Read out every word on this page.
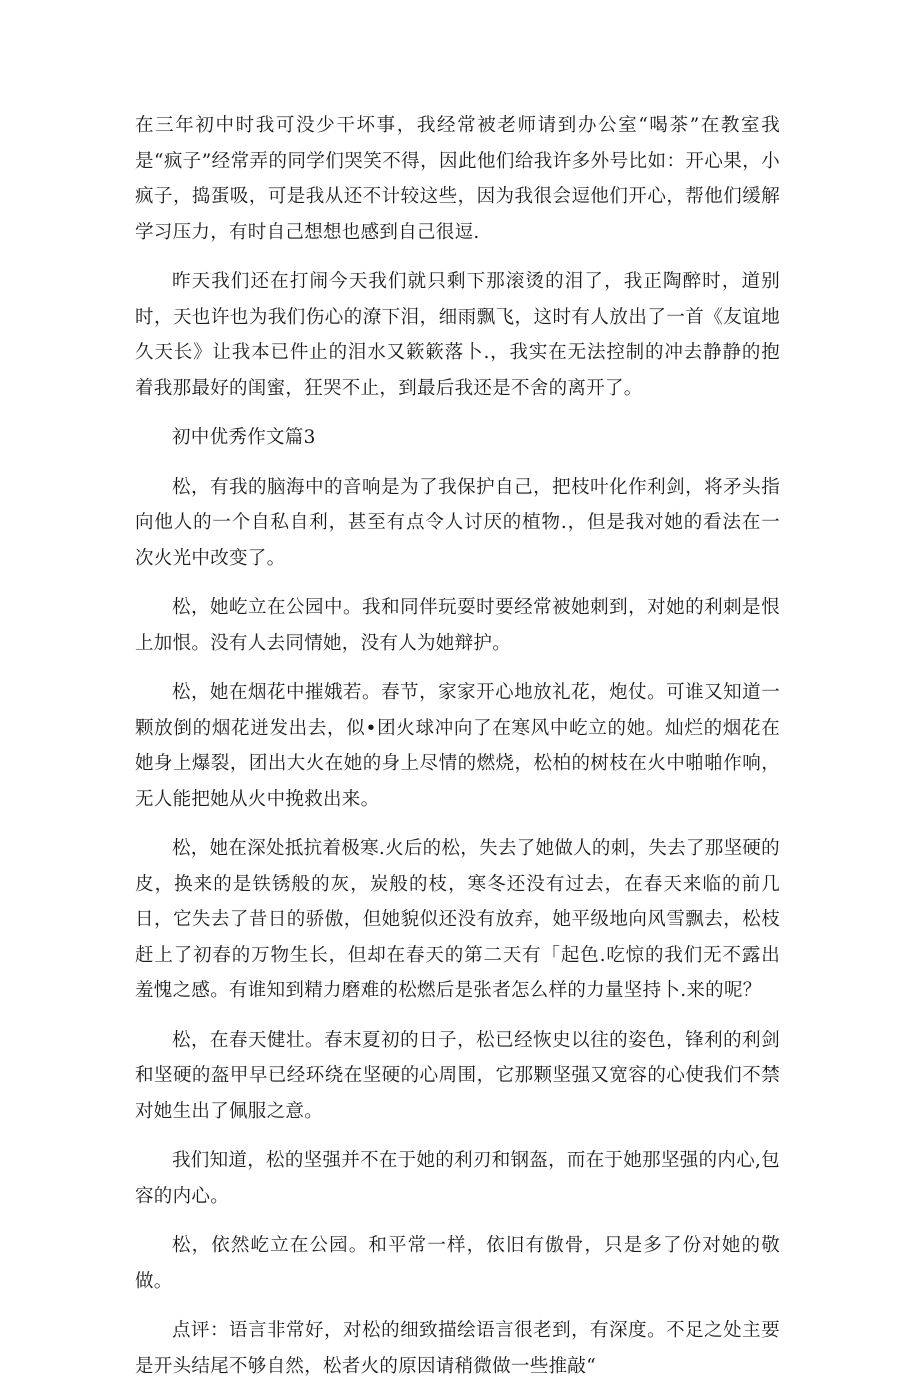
在三年初中时我可没少干坏事，我经常被老师请到办公室“喝茶”在教室我是“疯子”经常弄的同学们哭笑不得，因此他们给我许多外号比如：开心果，小疯子，捣蛋吸，可是我从还不计较这些，因为我很会逗他们开心，帮他们缓解学习压力，有时自己想想也感到自己很逗.

昨天我们还在打闹今天我们就只剩下那滚烫的泪了，我正陶醉时，道别时，天也许也为我们伤心的潦下泪，细雨飘飞，这时有人放出了一首《友谊地久天长》让我本已件止的泪水又簌簌落卜.，我实在无法控制的冲去静静的抱着我那最好的闺蜜，狂哭不止，到最后我还是不舍的离开了。

初中优秀作文篇3

松，有我的脑海中的音响是为了我保护自己，把枝叶化作利剑，将矛头指向他人的一个自私自利，甚至有点令人讨厌的植物.，但是我对她的看法在一次火光中改变了。

松，她屹立在公园中。我和同伴玩耍时要经常被她刺到，对她的利刺是恨上加恨。没有人去同情她，没有人为她辩护。

松，她在烟花中摧娥若。春节，家家开心地放礼花，炮仗。可谁又知道一颗放倒的烟花迸发出去，似•团火球冲向了在寒风中屹立的她。灿烂的烟花在她身上爆裂，团出大火在她的身上尽情的燃烧，松柏的树枝在火中啪啪作响，无人能把她从火中挽救出来。

松，她在深处抵抗着极寒.火后的松，失去了她做人的刺，失去了那坚硬的皮，换来的是铁锈般的灰，炭般的枝，寒冬还没有过去，在春天来临的前几日，它失去了昔日的骄傲，但她貌似还没有放弃，她平级地向风雪飘去，松枝赶上了初春的万物生长，但却在春天的第二天有「起色.吃惊的我们无不露出羞愧之感。有谁知到精力磨难的松燃后是张者怎么样的力量坚持卜.来的呢？

松，在春天健壮。春末夏初的日子，松已经恢史以往的姿色，锋利的利剑和坚硬的盔甲早已经环绕在坚硬的心周围，它那颗坚强又宽容的心使我们不禁对她生出了佩服之意。

我们知道，松的坚强并不在于她的利刃和钢盔，而在于她那坚强的内心,包容的内心。

松，依然屹立在公园。和平常一样，依旧有傲骨，只是多了份对她的敬做。

点评：语言非常好，对松的细致描绘语言很老到，有深度。不足之处主要是开头结尾不够自然，松者火的原因请稍微做一些推敲“
